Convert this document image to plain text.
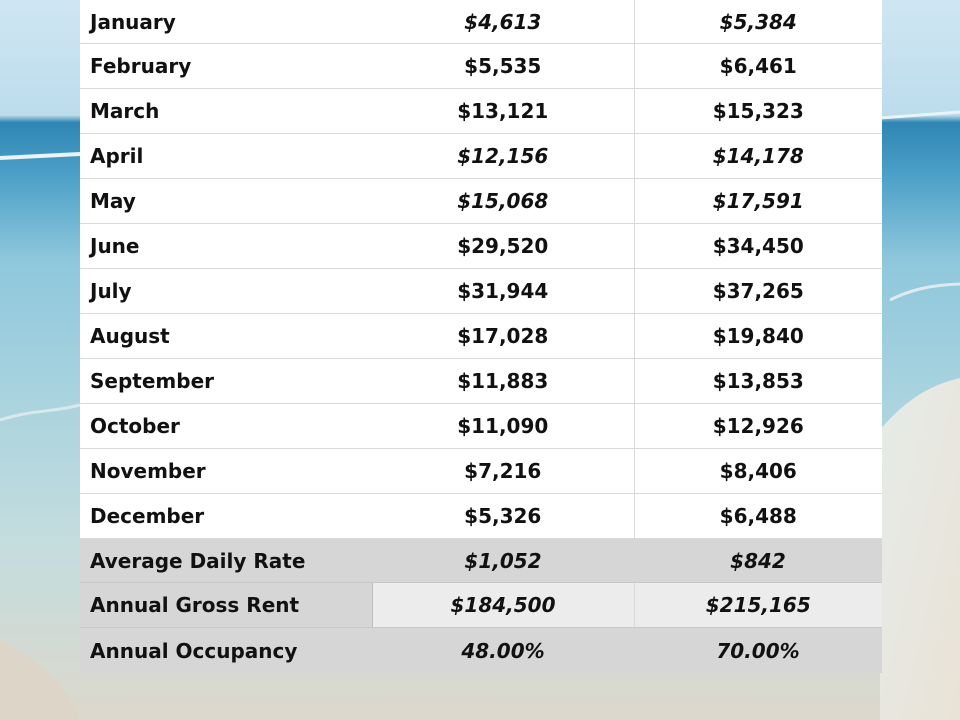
January	$4,613	$5,384
February	$5,535	$6,461
March	$13,121	$15,323
April	$12,156	$14,178
May	$15,068	$17,591
June	$29,520	$34,450
July	$31,944	$37,265
August	$17,028	$19,840
September	$11,883	$13,853
October	$11,090	$12,926
November	$7,216	$8,406
December	$5,326	$6,488
Average Daily Rate	$1,052	$842
Annual Gross Rent	$184,500	$215,165
Annual Occupancy	48.00%	70.00%
